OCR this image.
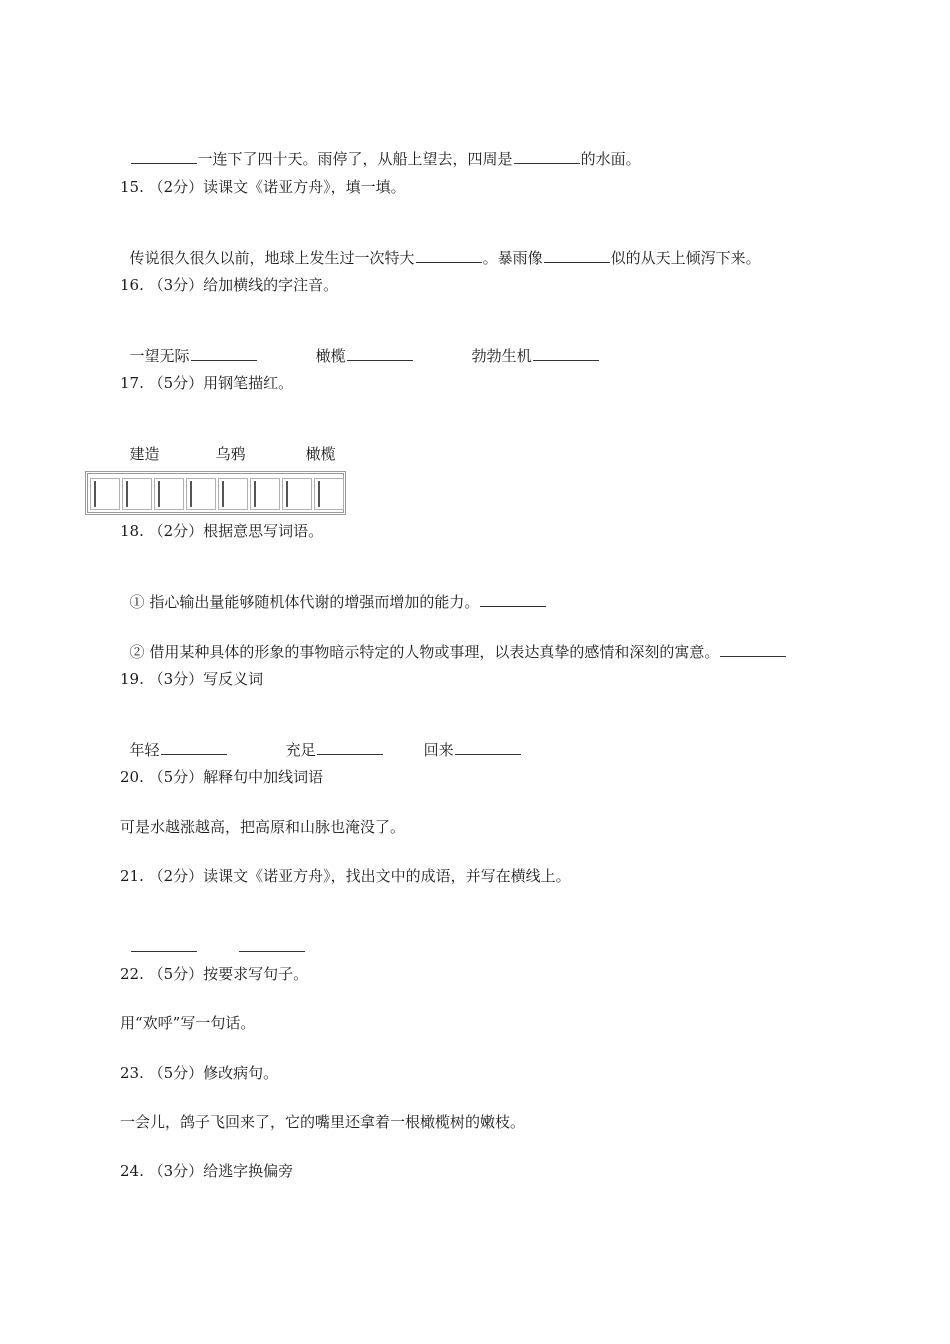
一连下了四十天。雨停了，从船上望去，四周是	的水面。

15. （2分）读课文《诺亚方舟》，填一填。

传说很久很久以前，地球上发生过一次特大	。暴雨像	似的从天上倾泻下来。

16. （3分）给加横线的字注音。

一望无际	橄榄	勃勃生机

17. （5分）用钢笔描红。

建造	乌鸦	橄榄

18. （2分）根据意思写词语。

① 指心输出量能够随机体代谢的增强而增加的能力。

② 借用某种具体的形象的事物暗示特定的人物或事理，以表达真挚的感情和深刻的寓意。

19. （3分）写反义词

年轻	充足	回来

20. （5分）解释句中加线词语
可是水越涨越高，把高原和山脉也淹没了。
21. （2分）读课文《诺亚方舟》，找出文中的成语，并写在横线上。

22. （5分）按要求写句子。
用“欢呼”写一句话。
23. （5分）修改病句。
一会儿，鸽子飞回来了，它的嘴里还拿着一根橄榄树的嫩枝。
24. （3分）给逃字换偏旁
